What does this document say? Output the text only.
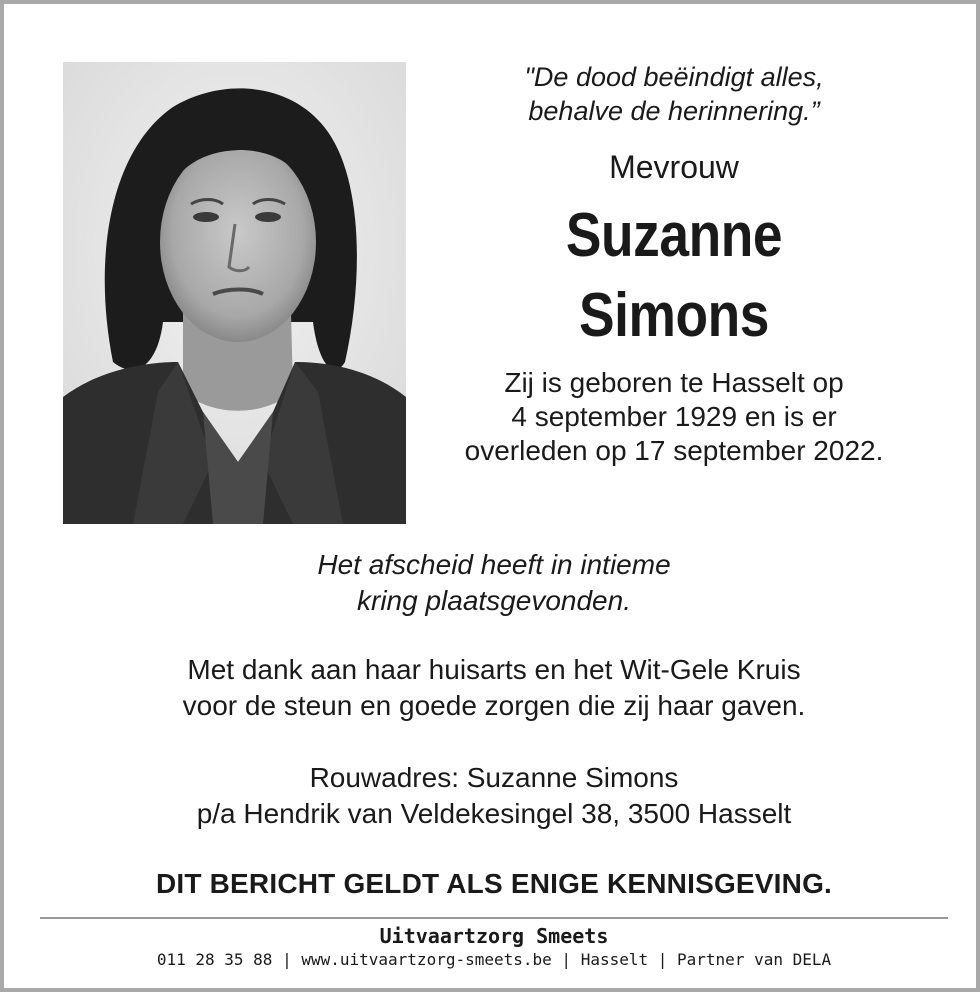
"De dood beëindigt alles,
behalve de herinnering.”

Mevrouw
Suzanne
Simons
Zij is geboren te Hasselt op
4 september 1929 en is er
overleden op 17 september 2022.
Het afscheid heeft in intieme
kring plaatsgevonden.
Met dank aan haar huisarts en het Wit-Gele Kruis
voor de steun en goede zorgen die zij haar gaven.
Rouwadres: Suzanne Simons
p/a Hendrik van Veldekesingel 38, 3500 Hasselt
DIT BERICHT GELDT ALS ENIGE KENNISGEVING.
Uitvaartzorg Smeets
011 28 35 88 | www.uitvaartzorg-smeets.be | Hasselt | Partner van DELA
